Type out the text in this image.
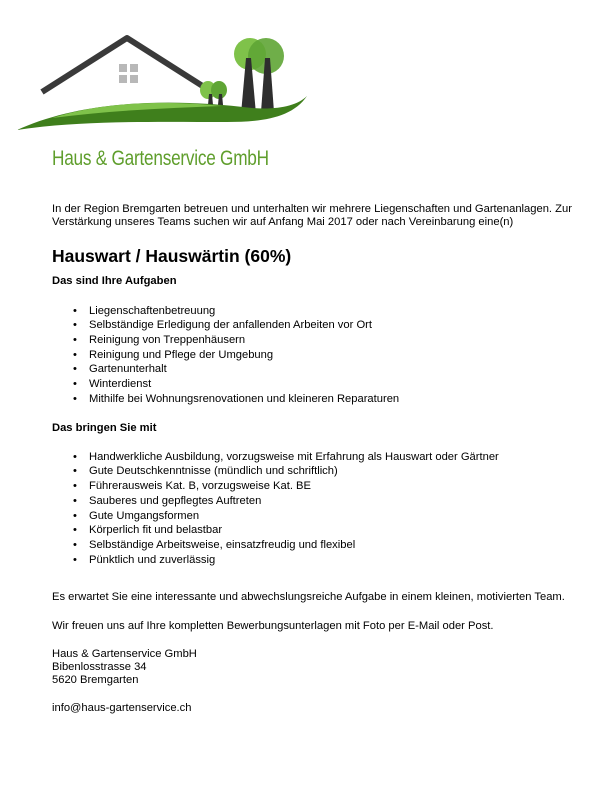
Haus & Gartenservice GmbH

In der Region Bremgarten betreuen und unterhalten wir mehrere Liegenschaften und Gartenanlagen. Zur Verstärkung unseres Teams suchen wir auf Anfang Mai 2017 oder nach Vereinbarung eine(n)

Hauswart / Hauswärtin (60%)
Das sind Ihre Aufgaben
• Liegenschaftenbetreuung
• Selbständige Erledigung der anfallenden Arbeiten vor Ort
• Reinigung von Treppenhäusern
• Reinigung und Pflege der Umgebung
• Gartenunterhalt
• Winterdienst
• Mithilfe bei Wohnungsrenovationen und kleineren Reparaturen
Das bringen Sie mit
• Handwerkliche Ausbildung, vorzugsweise mit Erfahrung als Hauswart oder Gärtner
• Gute Deutschkenntnisse (mündlich und schriftlich)
• Führerausweis Kat. B, vorzugsweise Kat. BE
• Sauberes und gepflegtes Auftreten
• Gute Umgangsformen
• Körperlich fit und belastbar
• Selbständige Arbeitsweise, einsatzfreudig und flexibel
• Pünktlich und zuverlässig

Es erwartet Sie eine interessante und abwechslungsreiche Aufgabe in einem kleinen, motivierten Team.

Wir freuen uns auf Ihre kompletten Bewerbungsunterlagen mit Foto per E-Mail oder Post.

Haus & Gartenservice GmbH
Bibenlosstrasse 34
5620 Bremgarten
info@haus-gartenservice.ch
